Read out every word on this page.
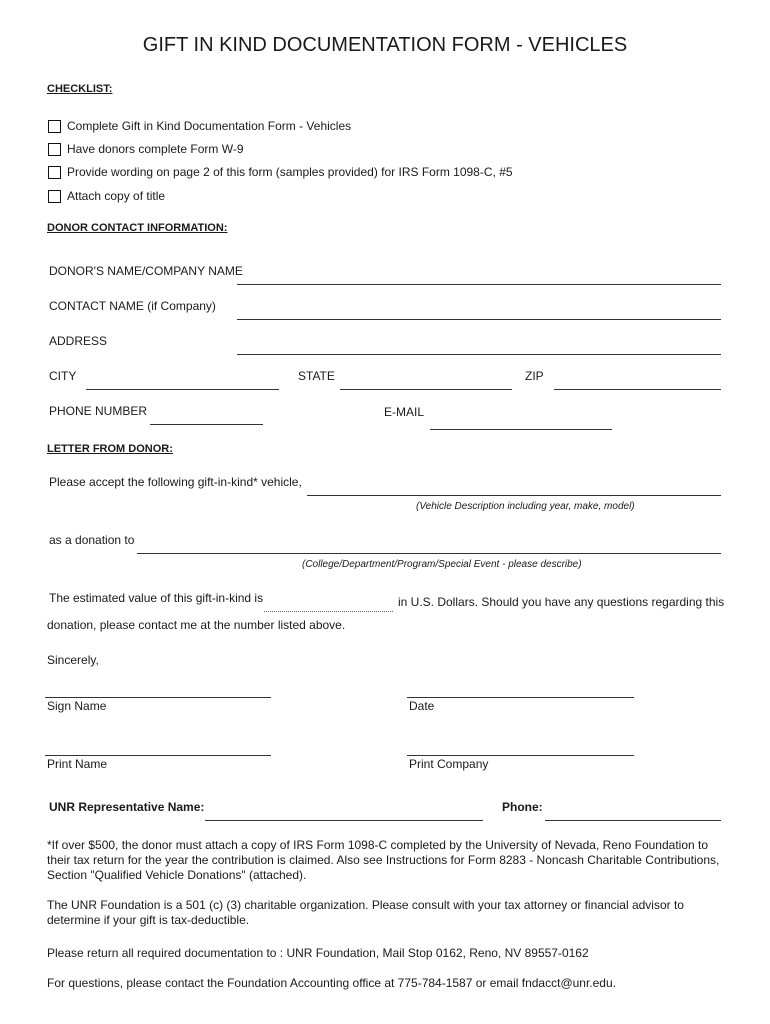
GIFT IN KIND DOCUMENTATION FORM - VEHICLES
CHECKLIST:
Complete Gift in Kind Documentation Form - Vehicles
Have donors complete Form W-9
Provide wording on page 2 of this form (samples provided) for IRS Form 1098-C, #5
Attach copy of title
DONOR CONTACT INFORMATION:
DONOR'S NAME/COMPANY NAME
CONTACT NAME (if Company)
ADDRESS
CITY	STATE	ZIP
PHONE NUMBER	E-MAIL
LETTER FROM DONOR:
Please accept the following gift-in-kind* vehicle,
(Vehicle Description including year, make, model)
as a donation to
(College/Department/Program/Special Event - please describe)
The estimated value of this gift-in-kind is	in U.S. Dollars. Should you have any questions regarding this
donation, please contact me at the number listed above.
Sincerely,
Sign Name	Date
Print Name	Print Company
UNR Representative Name:	Phone:
*If over $500, the donor must attach a copy of IRS Form 1098-C completed by the University of Nevada, Reno Foundation to their tax return for the year the contribution is claimed. Also see Instructions for Form 8283 - Noncash Charitable Contributions, Section "Qualified Vehicle Donations" (attached).
The UNR Foundation is a 501 (c) (3) charitable organization. Please consult with your tax attorney or financial advisor to determine if your gift is tax-deductible.
Please return all required documentation to : UNR Foundation, Mail Stop 0162, Reno, NV 89557-0162
For questions, please contact the Foundation Accounting office at 775-784-1587 or email fndacct@unr.edu.
